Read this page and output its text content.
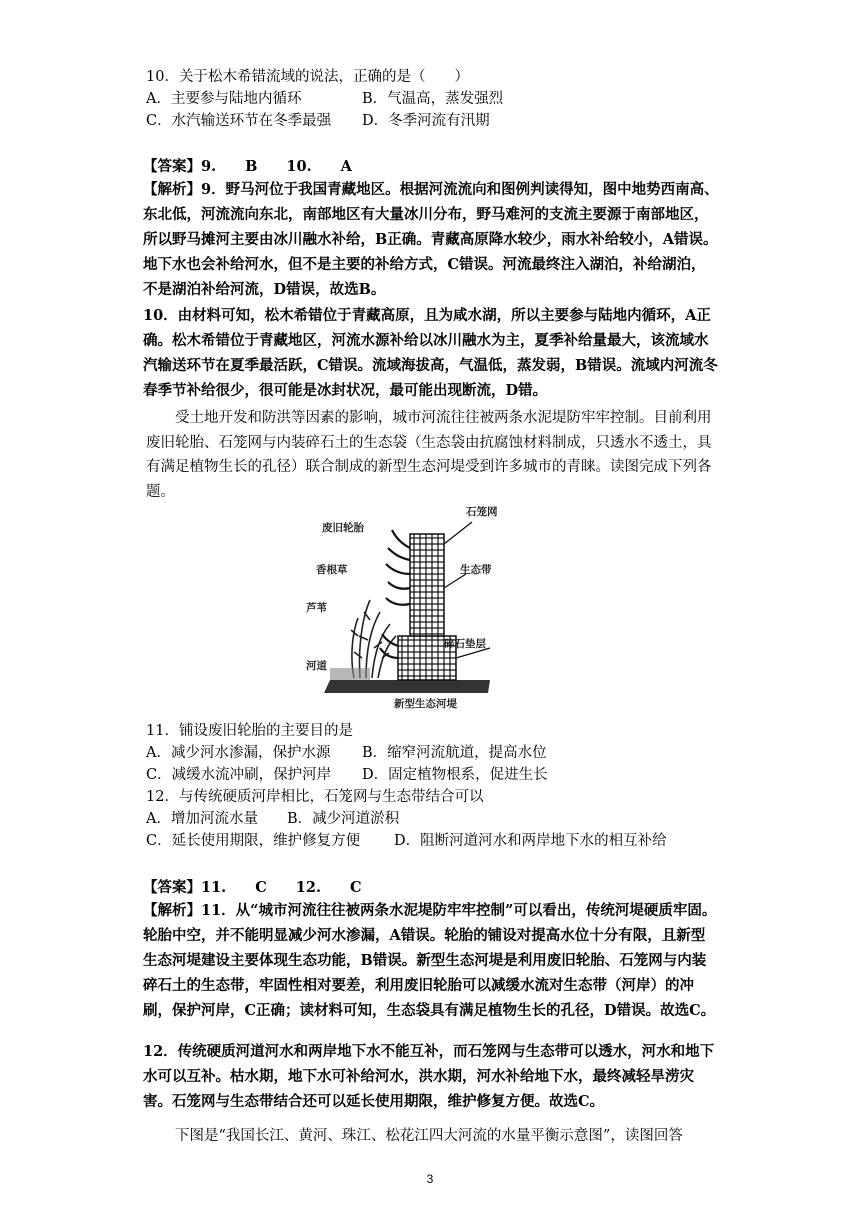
10．关于松木希错流域的说法，正确的是（　　）
A．主要参与陆地内循环	B．气温高，蒸发强烈
C．水汽输送环节在冬季最强 D．冬季河流有汛期
【答案】9.　　B　　10.　　A
【解析】9．野马河位于我国青藏地区。根据河流流向和图例判读得知，图中地势西南高、东北低，河流流向东北，南部地区有大量冰川分布，野马难河的支流主要源于南部地区，所以野马摊河主要由冰川融水补给，B正确。青藏高原降水较少，雨水补给较小，A错误。地下水也会补给河水，但不是主要的补给方式，C错误。河流最终注入湖泊，补给湖泊，不是湖泊补给河流，D错误，故选B。
10．由材料可知，松木希错位于青藏高原，且为咸水湖，所以主要参与陆地内循环，A正确。松木希错位于青藏地区，河流水源补给以冰川融水为主，夏季补给量最大，该流域水汽输送环节在夏季最活跃，C错误。流域海拔高，气温低，蒸发弱，B错误。流域内河流冬春季节补给很少，很可能是冰封状况，最可能出现断流，D错。
受土地开发和防洪等因素的影响，城市河流往往被两条水泥堤防牢牢控制。目前利用废旧轮胎、石笼网与内装碎石土的生态袋（生态袋由抗腐蚀材料制成，只透水不透土，具有满足植物生长的孔径）联合制成的新型生态河堤受到许多城市的青睐。读图完成下列各题。
废旧轮胎
香根草
芦苇
河道
石笼网
生态带
碎石垫层
新型生态河堤
11．铺设废旧轮胎的主要目的是
A．减少河水渗漏，保护水源 B．缩窄河流航道，提高水位
C．减缓水流冲刷，保护河岸 D．固定植物根系，促进生长
12．与传统硬质河岸相比，石笼网与生态带结合可以
A．增加河流水量 B．减少河道淤积
C．延长使用期限，维护修复方便 D．阻断河道河水和两岸地下水的相互补给
【答案】11.　　C　　12.　　C
【解析】11．从“城市河流往往被两条水泥堤防牢牢控制”可以看出，传统河堤硬质牢固。轮胎中空，并不能明显减少河水渗漏，A错误。轮胎的铺设对提高水位十分有限，且新型生态河堤建设主要体现生态功能，B错误。新型生态河堤是利用废旧轮胎、石笼网与内装碎石土的生态带，牢固性相对要差，利用废旧轮胎可以减缓水流对生态带（河岸）的冲刷，保护河岸，C正确；读材料可知，生态袋具有满足植物生长的孔径，D错误。故选C。
12．传统硬质河道河水和两岸地下水不能互补，而石笼网与生态带可以透水，河水和地下水可以互补。枯水期，地下水可补给河水，洪水期，河水补给地下水，最终减轻旱涝灾害。石笼网与生态带结合还可以延长使用期限，维护修复方便。故选C。
下图是“我国长江、黄河、珠江、松花江四大河流的水量平衡示意图”，读图回答
3
